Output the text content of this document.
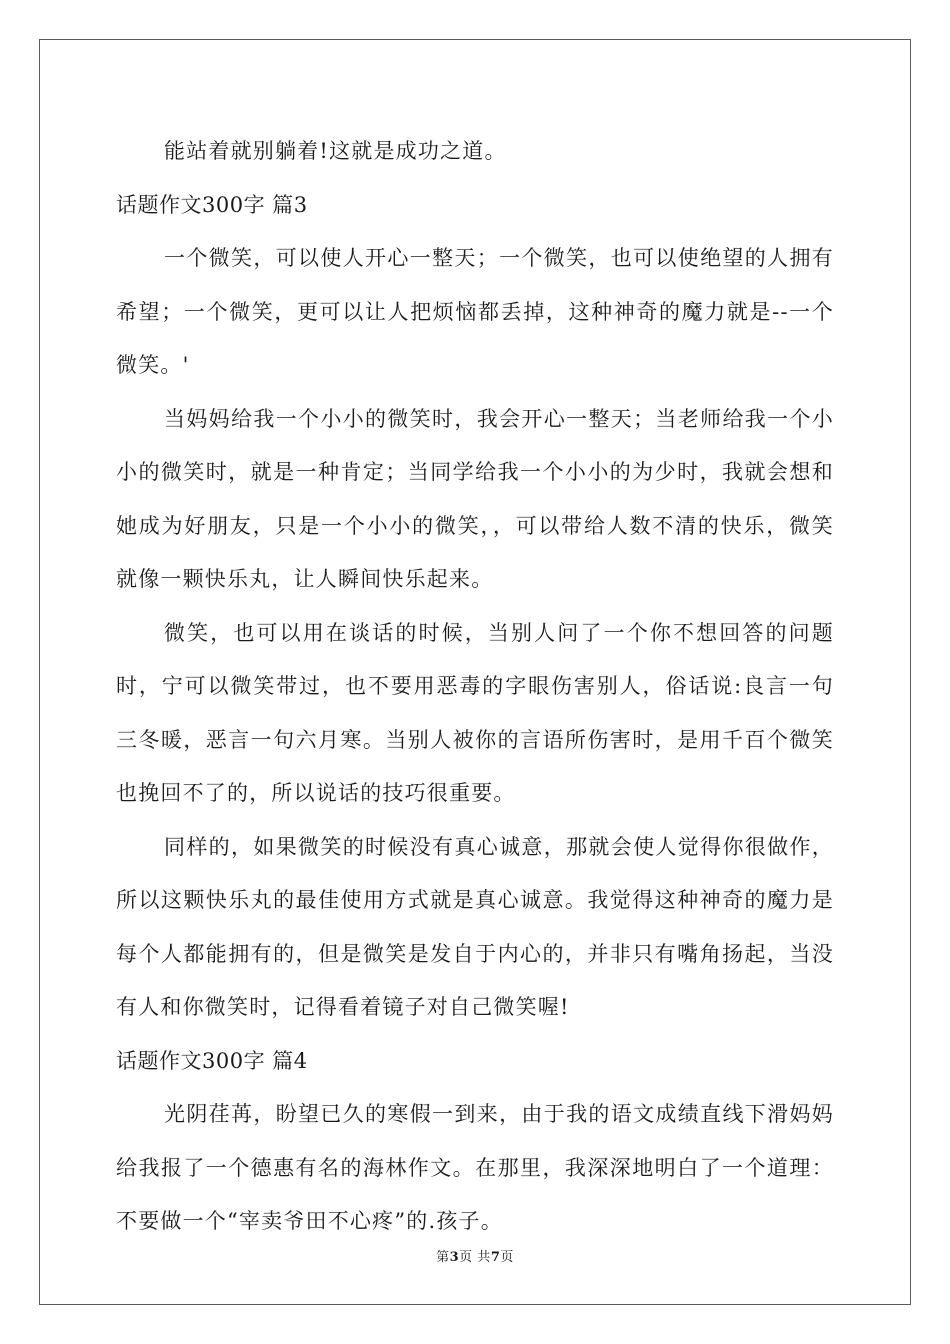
能站着就别躺着!这就是成功之道。

话题作文300字 篇3

一个微笑，可以使人开心一整天；一个微笑，也可以使绝望的人拥有希望；一个微笑，更可以让人把烦恼都丢掉，这种神奇的魔力就是--一个微笑。'

当妈妈给我一个小小的微笑时，我会开心一整天；当老师给我一个小小的微笑时，就是一种肯定；当同学给我一个小小的为少时，我就会想和她成为好朋友，只是一个小小的微笑，，可以带给人数不清的快乐，微笑就像一颗快乐丸，让人瞬间快乐起来。

微笑，也可以用在谈话的时候，当别人问了一个你不想回答的问题时，宁可以微笑带过，也不要用恶毒的字眼伤害别人，俗话说:良言一句三冬暖，恶言一句六月寒。当别人被你的言语所伤害时，是用千百个微笑也挽回不了的，所以说话的技巧很重要。

同样的，如果微笑的时候没有真心诚意，那就会使人觉得你很做作，所以这颗快乐丸的最佳使用方式就是真心诚意。我觉得这种神奇的魔力是每个人都能拥有的，但是微笑是发自于内心的，并非只有嘴角扬起，当没有人和你微笑时，记得看着镜子对自己微笑喔!

话题作文300字 篇4

光阴荏苒，盼望已久的寒假一到来，由于我的语文成绩直线下滑妈妈给我报了一个德惠有名的海林作文。在那里，我深深地明白了一个道理：不要做一个“宰卖爷田不心疼”的.孩子。

第3页 共7页
